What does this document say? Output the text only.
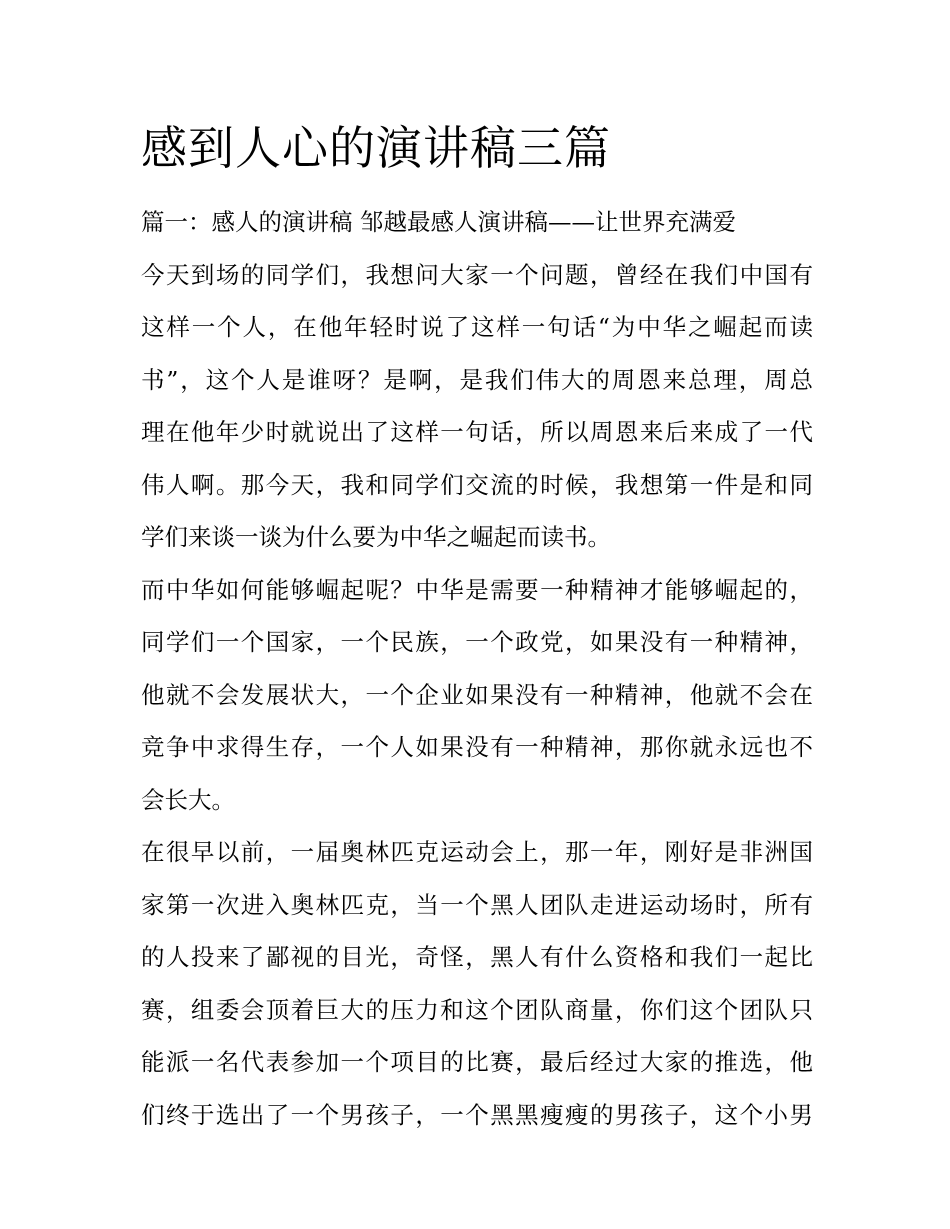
感到人心的演讲稿三篇

篇一：感人的演讲稿 邹越最感人演讲稿——让世界充满爱

今天到场的同学们，我想问大家一个问题，曾经在我们中国有
这样一个人，在他年轻时说了这样一句话“为中华之崛起而读
书”，这个人是谁呀？是啊，是我们伟大的周恩来总理，周总
理在他年少时就说出了这样一句话，所以周恩来后来成了一代
伟人啊。那今天，我和同学们交流的时候，我想第一件是和同
学们来谈一谈为什么要为中华之崛起而读书。
而中华如何能够崛起呢？中华是需要一种精神才能够崛起的，
同学们一个国家，一个民族，一个政党，如果没有一种精神，
他就不会发展状大，一个企业如果没有一种精神，他就不会在
竞争中求得生存，一个人如果没有一种精神，那你就永远也不
会长大。
在很早以前，一届奥林匹克运动会上，那一年，刚好是非洲国
家第一次进入奥林匹克，当一个黑人团队走进运动场时，所有
的人投来了鄙视的目光，奇怪，黑人有什么资格和我们一起比
赛，组委会顶着巨大的压力和这个团队商量，你们这个团队只
能派一名代表参加一个项目的比赛，最后经过大家的推选，他
们终于选出了一个男孩子，一个黑黑瘦瘦的男孩子，这个小男
